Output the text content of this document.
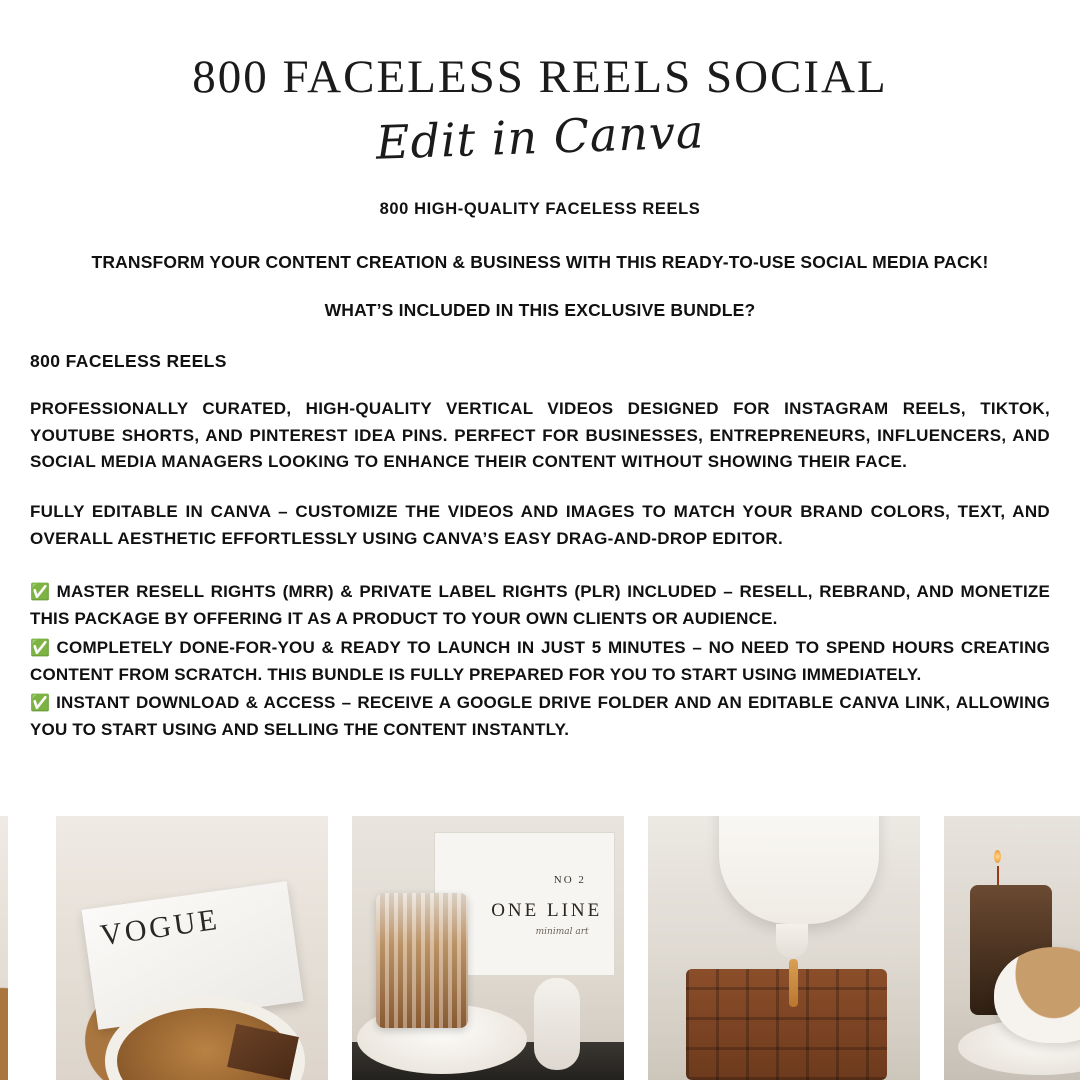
800 FACELESS REELS SOCIAL
Edit in Canva
800 HIGH-QUALITY FACELESS REELS
TRANSFORM YOUR CONTENT CREATION & BUSINESS WITH THIS READY-TO-USE SOCIAL MEDIA PACK!
WHAT’S INCLUDED IN THIS EXCLUSIVE BUNDLE?
800 FACELESS REELS

PROFESSIONALLY CURATED, HIGH-QUALITY VERTICAL VIDEOS DESIGNED FOR INSTAGRAM REELS, TIKTOK, YOUTUBE SHORTS, AND PINTEREST IDEA PINS. PERFECT FOR BUSINESSES, ENTREPRENEURS, INFLUENCERS, AND SOCIAL MEDIA MANAGERS LOOKING TO ENHANCE THEIR CONTENT WITHOUT SHOWING THEIR FACE.

FULLY EDITABLE IN CANVA – CUSTOMIZE THE VIDEOS AND IMAGES TO MATCH YOUR BRAND COLORS, TEXT, AND OVERALL AESTHETIC EFFORTLESSLY USING CANVA’S EASY DRAG-AND-DROP EDITOR.

✅ MASTER RESELL RIGHTS (MRR) & PRIVATE LABEL RIGHTS (PLR) INCLUDED – RESELL, REBRAND, AND MONETIZE THIS PACKAGE BY OFFERING IT AS A PRODUCT TO YOUR OWN CLIENTS OR AUDIENCE.
✅ COMPLETELY DONE-FOR-YOU & READY TO LAUNCH IN JUST 5 MINUTES – NO NEED TO SPEND HOURS CREATING CONTENT FROM SCRATCH. THIS BUNDLE IS FULLY PREPARED FOR YOU TO START USING IMMEDIATELY.
✅ INSTANT DOWNLOAD & ACCESS – RECEIVE A GOOGLE DRIVE FOLDER AND AN EDITABLE CANVA LINK, ALLOWING YOU TO START USING AND SELLING THE CONTENT INSTANTLY.
VOGUE
NO 2
ONE LINE
minimal art
